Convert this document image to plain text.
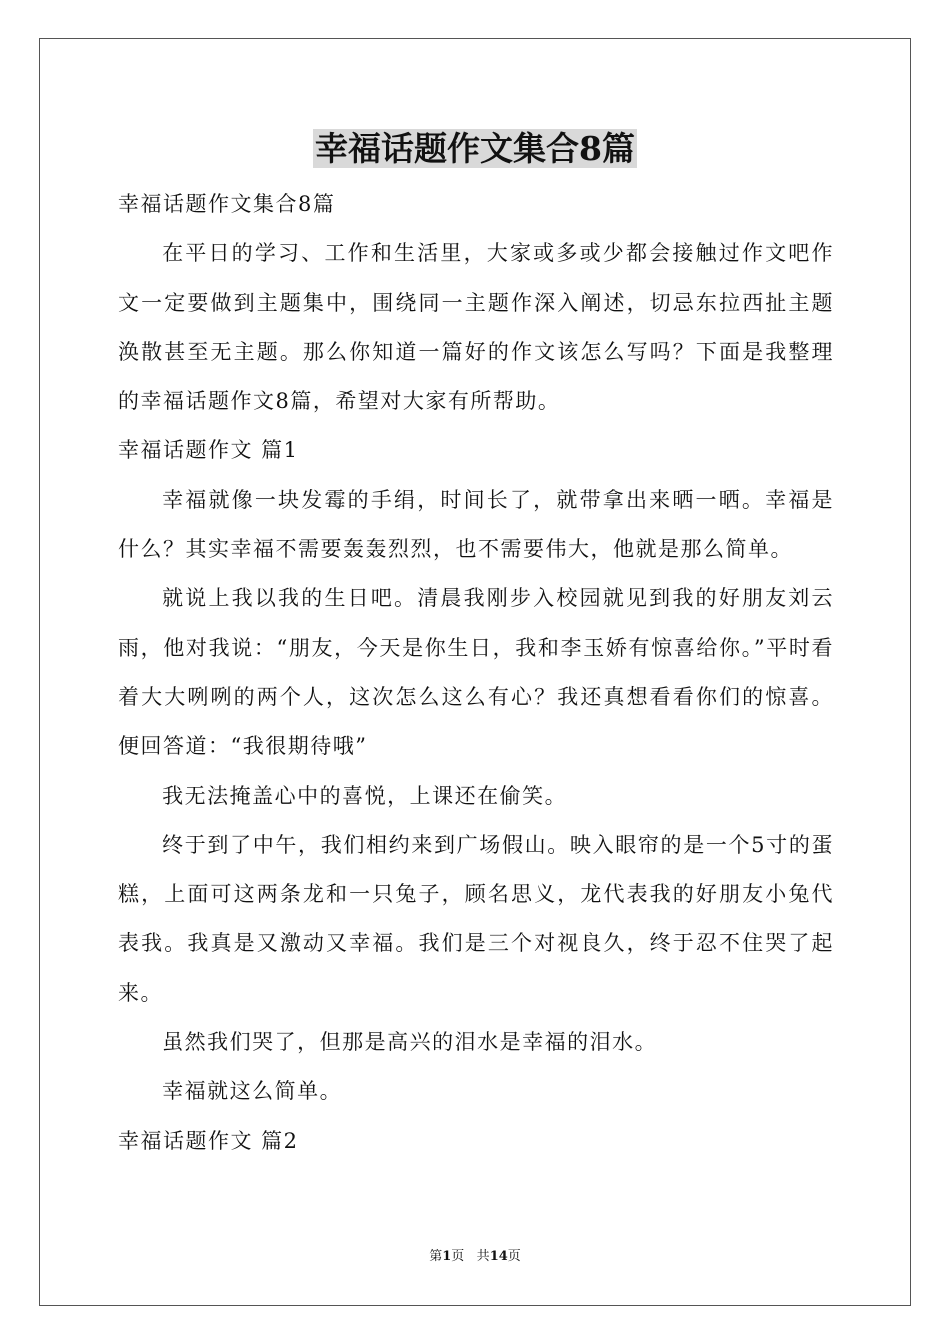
幸福话题作文集合8篇

幸福话题作文集合8篇

在平日的学习、工作和生活里，大家或多或少都会接触过作文吧作文一定要做到主题集中，围绕同一主题作深入阐述，切忌东拉西扯主题涣散甚至无主题。那么你知道一篇好的作文该怎么写吗？下面是我整理的幸福话题作文8篇，希望对大家有所帮助。

幸福话题作文 篇1

幸福就像一块发霉的手绢，时间长了，就带拿出来晒一晒。幸福是什么？其实幸福不需要轰轰烈烈，也不需要伟大，他就是那么简单。

就说上我以我的生日吧。清晨我刚步入校园就见到我的好朋友刘云雨，他对我说：“朋友，今天是你生日，我和李玉娇有惊喜给你。”平时看着大大咧咧的两个人，这次怎么这么有心？我还真想看看你们的惊喜。便回答道：“我很期待哦”

我无法掩盖心中的喜悦，上课还在偷笑。

终于到了中午，我们相约来到广场假山。映入眼帘的是一个5寸的蛋糕，上面可这两条龙和一只兔子，顾名思义，龙代表我的好朋友小兔代表我。我真是又激动又幸福。我们是三个对视良久，终于忍不住哭了起来。

虽然我们哭了，但那是高兴的泪水是幸福的泪水。

幸福就这么简单。

幸福话题作文 篇2

第1页 共14页
